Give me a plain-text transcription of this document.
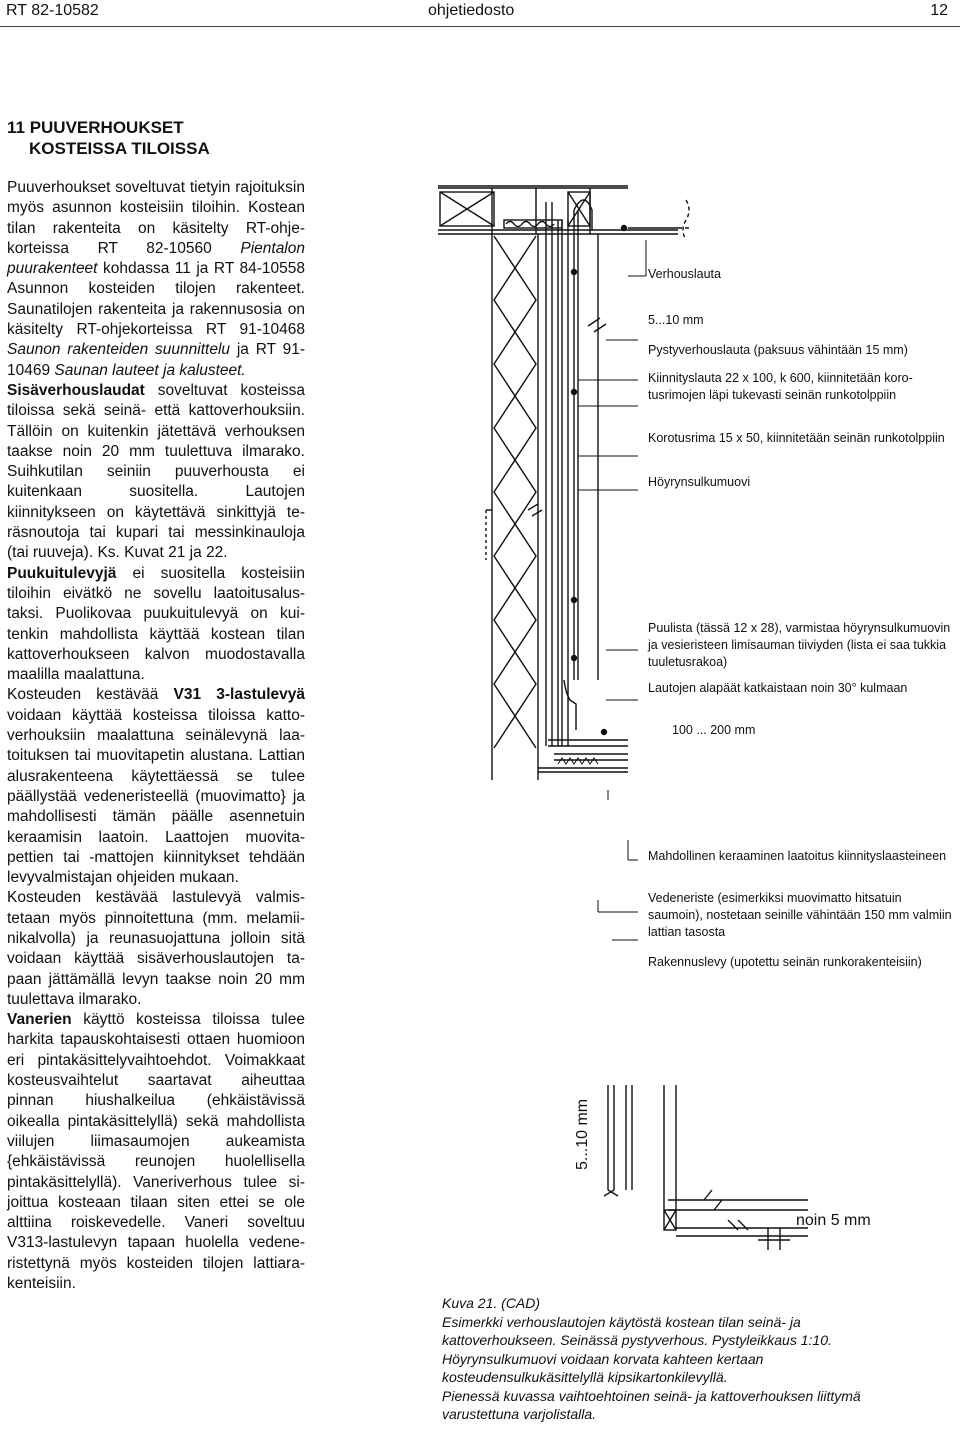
RT 82-10582	ohjetiedosto	12
11 PUUVERHOUKSET
KOSTEISSA TILOISSA

Puuverhoukset soveltuvat tietyin rajoituksin myös asunnon kosteisiin tiloihin. Kostean tilan rakenteita on käsitelty RT-ohjekorteissa RT 82-10560 Pientalon puurakenteet kohdassa 11 ja RT 84-10558 Asunnon kosteiden tilojen rakenteet. Saunatilojen rakenteita ja rakennusosia on käsitelty RT-ohjekorteissa RT 91-10468 Saunon rakenteiden suunnittelu ja RT 91-10469 Saunan lauteet ja kalusteet.

Sisäverhouslaudat soveltuvat kosteissa tiloissa sekä seinä- että kattoverhouksiin. Tällöin on kuitenkin jätettävä verhouksen taakse noin 20 mm tuulettuva ilmarako. Suihkutilan seiniin puuverhousta ei kuitenkaan suositella. Lautojen kiinnitykseen on käytettävä sinkittyjä teräsnoutoja tai kupari tai messinkinauloja (tai ruuveja). Ks. Kuvat 21 ja 22.

Puukuitulevyjä ei suositella kosteisiin tiloihin eivätkö ne sovellu laatoitusalustaksi. Puolikovaa puukuitulevyä on kuitenkin mahdollista käyttää kostean tilan kattoverhoukseen kalvon muodostavalla maalilla maalattuna.

Kosteuden kestävää V31 3-lastulevyä voidaan käyttää kosteissa tiloissa kattoverhouksiin maalattuna seinälevynä laatoituksen tai muovitapetin alustana. Lattian alusrakenteena käytettäessä se tulee päällystää vedeneristeellä (muovimatto} ja mahdollisesti tämän päälle asennetuin keraamisin laatoin. Laattojen muovitapettien tai -mattojen kiinnitykset tehdään levyvalmistajan ohjeiden mukaan.

Kosteuden kestävää lastulevyä valmistetaan myös pinnoitettuna (mm. melamiinikalvolla) ja reunasuojattuna jolloin sitä voidaan käyttää sisäverhouslautojen tapaan jättämällä levyn taakse noin 20 mm tuulettava ilmarako.

Vanerien käyttö kosteissa tiloissa tulee harkita tapauskohtaisesti ottaen huomioon eri pintakäsittelyvaihtoehdot. Voimakkaat kosteusvaihtelut saartavat aiheuttaa pinnan hiushalkeilua (ehkäistävissä oikealla pintakäsittelyllä) sekä mahdollista viilujen liimasaumojen aukeamista {ehkäistävissä reunojen huolellisella pintakäsittelyllä). Vaneriverhous tulee sijoittua kosteaan tilaan siten ettei se ole alttiina roiskevedelle. Vaneri soveltuu V313-lastulevyn tapaan huolella vedeneristettynä myös kosteiden tilojen lattiarakenteisiin.

Verhouslauta
5...10 mm
Pystyverhouslauta (paksuus vähintään 15 mm)
Kiinnityslauta 22 x 100, k 600, kiinnitetään korotusrimojen läpi tukevasti seinän runkotolppiin
Korotusrima 15 x 50, kiinnitetään seinän runkotolppiin
Höyrynsulkumuovi
Puulista (tässä 12 x 28), varmistaa höyrynsulkumuovin ja vesieristeen limisauman tiiviyden (lista ei saa tukkia tuuletusrakoa)
Lautojen alapäät katkaistaan noin 30° kulmaan
100 ... 200 mm
Mahdollinen keraaminen laatoitus kiinnityslaasteineen
Vedeneriste (esimerkiksi muovimatto hitsatuin saumoin), nostetaan seinille vähintään 150 mm valmiin lattian tasosta
Rakennuslevy (upotettu seinän runkorakenteisiin)
5...10 mm
noin 5 mm
Kuva 21. (CAD)
Esimerkki verhouslautojen käytöstä kostean tilan seinä- ja
kattoverhoukseen. Seinässä pystyverhous. Pystyleikkaus 1:10.
Höyrynsulkumuovi voidaan korvata kahteen kertaan
kosteudensulkukäsittelyllä kipsikartonkilevyllä.
Pienessä kuvassa vaihtoehtoinen seinä- ja kattoverhouksen liittymä
varustettuna varjolistalla.
